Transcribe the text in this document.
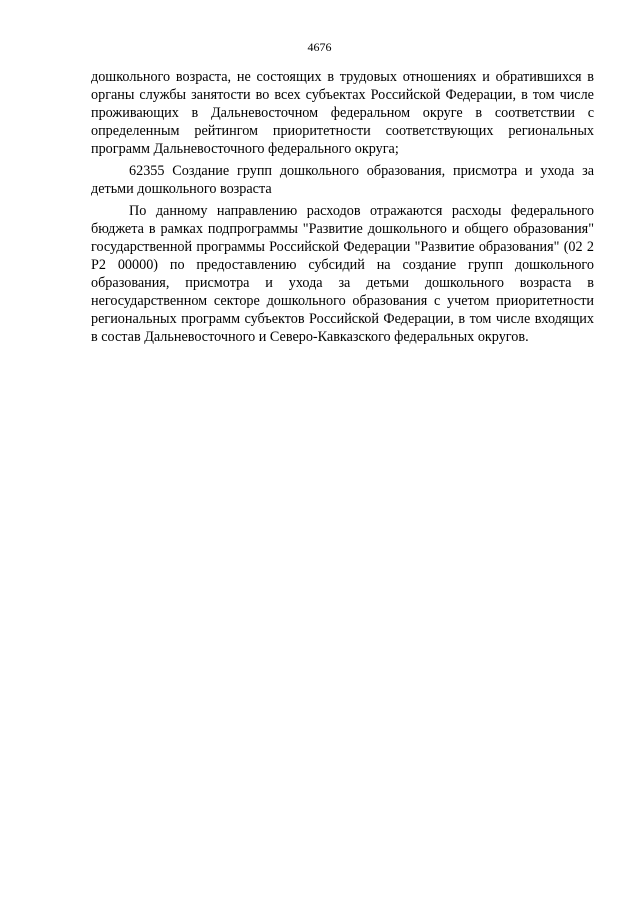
4676

дошкольного возраста, не состоящих в трудовых отношениях и обратившихся в органы службы занятости во всех субъектах Российской Федерации, в том числе проживающих в Дальневосточном федеральном округе в соответствии с определенным рейтингом приоритетности соответствующих региональных программ Дальневосточного федерального округа;

62355 Создание групп дошкольного образования, присмотра и ухода за детьми дошкольного возраста

По данному направлению расходов отражаются расходы федерального бюджета в рамках подпрограммы "Развитие дошкольного и общего образования" государственной программы Российской Федерации "Развитие образования" (02 2 P2 00000) по предоставлению субсидий на создание групп дошкольного образования, присмотра и ухода за детьми дошкольного возраста в негосударственном секторе дошкольного образования с учетом приоритетности региональных программ субъектов Российской Федерации, в том числе входящих в состав Дальневосточного и Северо-Кавказского федеральных округов.
